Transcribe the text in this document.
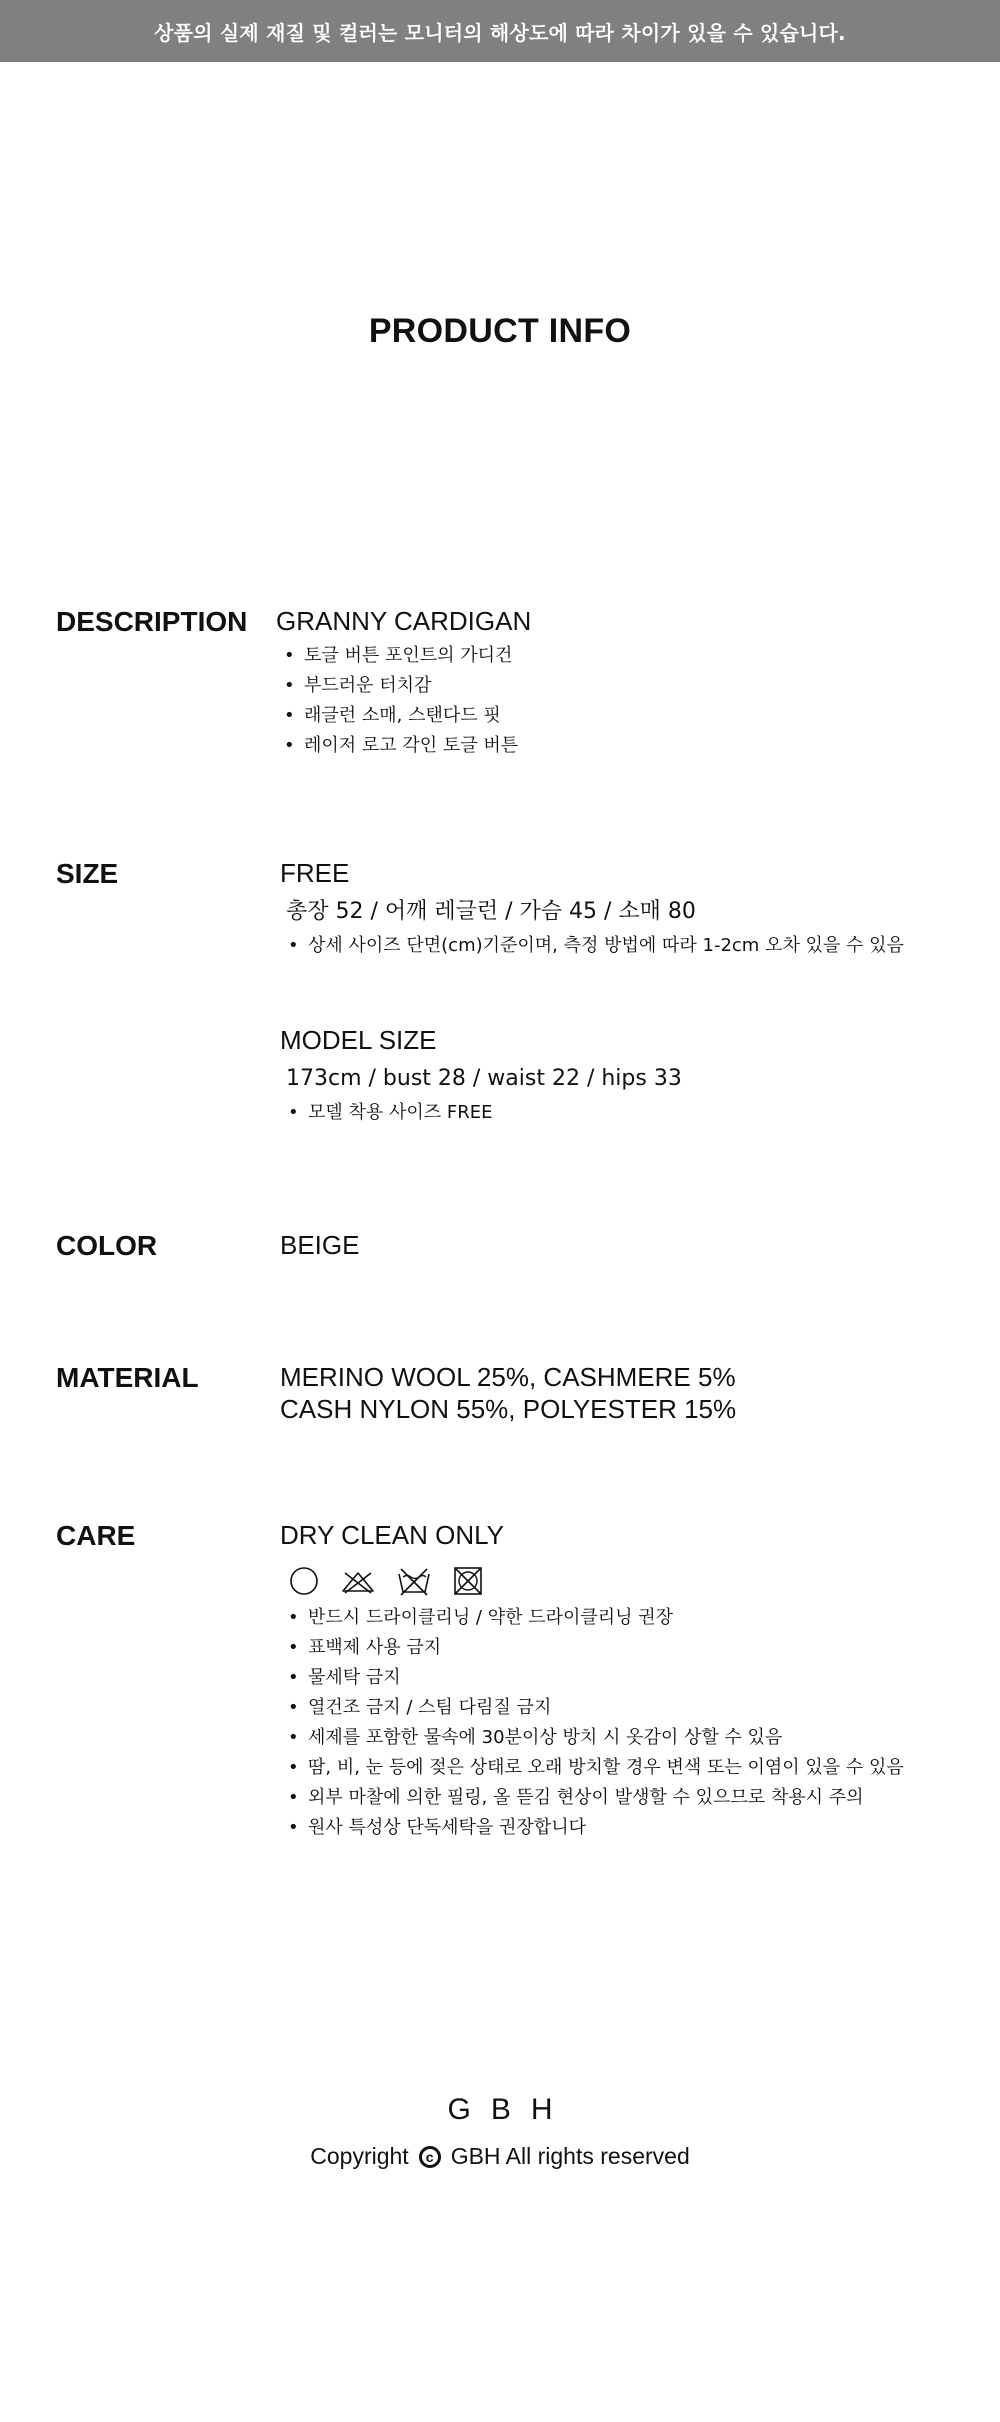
상품의 실제 재질 및 컬러는 모니터의 해상도에 따라 차이가 있을 수 있습니다.
PRODUCT INFO
DESCRIPTION GRANNY CARDIGAN
• 토글 버튼 포인트의 가디건
• 부드러운 터치감
• 래글런 소매, 스탠다드 핏
• 레이저 로고 각인 토글 버튼
SIZE	FREE
총장 52 / 어깨 레글런 / 가슴 45 / 소매 80
• 상세 사이즈 단면(cm)기준이며, 측정 방법에 따라 1-2cm 오차 있을 수 있음
MODEL SIZE
173cm / bust 28 / waist 22 / hips 33
• 모델 착용 사이즈 FREE
COLOR	BEIGE
MATERIAL	MERINO WOOL 25%, CASHMERE 5%
CASH NYLON 55%, POLYESTER 15%
CARE	DRY CLEAN ONLY
• 반드시 드라이클리닝 / 약한 드라이클리닝 권장
• 표백제 사용 금지
• 물세탁 금지
• 열건조 금지 / 스팀 다림질 금지
• 세제를 포함한 물속에 30분이상 방치 시 옷감이 상할 수 있음
• 땀, 비, 눈 등에 젖은 상태로 오래 방치할 경우 변색 또는 이염이 있을 수 있음
• 외부 마찰에 의한 필링, 올 뜯김 현상이 발생할 수 있으므로 착용시 주의
• 원사 특성상 단독세탁을 권장합니다
GBH
Copyright	c GBH All rights reserved
